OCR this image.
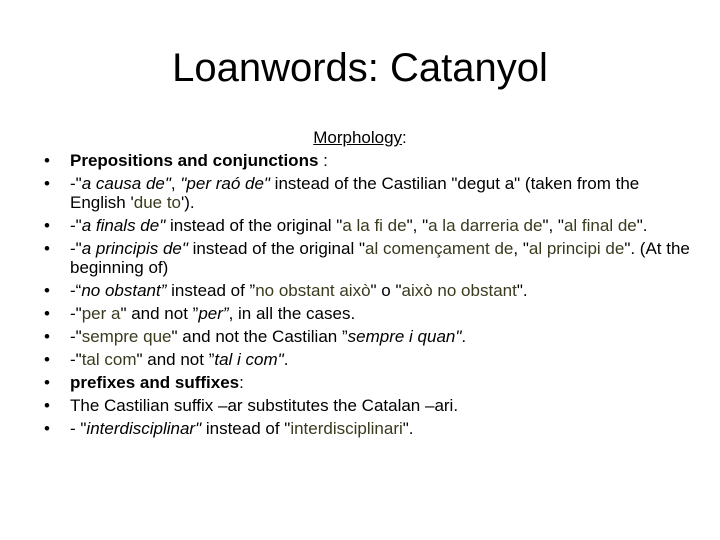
Loanwords: Catanyol
Morphology:
•	Prepositions and conjunctions :
•	-"a causa de", "per raó de" instead of the Castilian "degut a" (taken from the English 'due to').
•	-"a finals de" instead of the original "a la fi de", "a la darreria de", "al final de".
•	-"a principis de" instead of the original "al començament de, "al principi de". (At the beginning of)
•	-“no obstant” instead of ”no obstant això" o "això no obstant".
•	-"per a" and not ”per”, in all the cases.
•	-"sempre que" and not the Castilian ”sempre i quan".
•	-"tal com" and not ”tal i com".
•	prefixes and suffixes:
•	The Castilian suffix –ar substitutes the Catalan –ari.
•	- "interdisciplinar" instead of "interdisciplinari".
